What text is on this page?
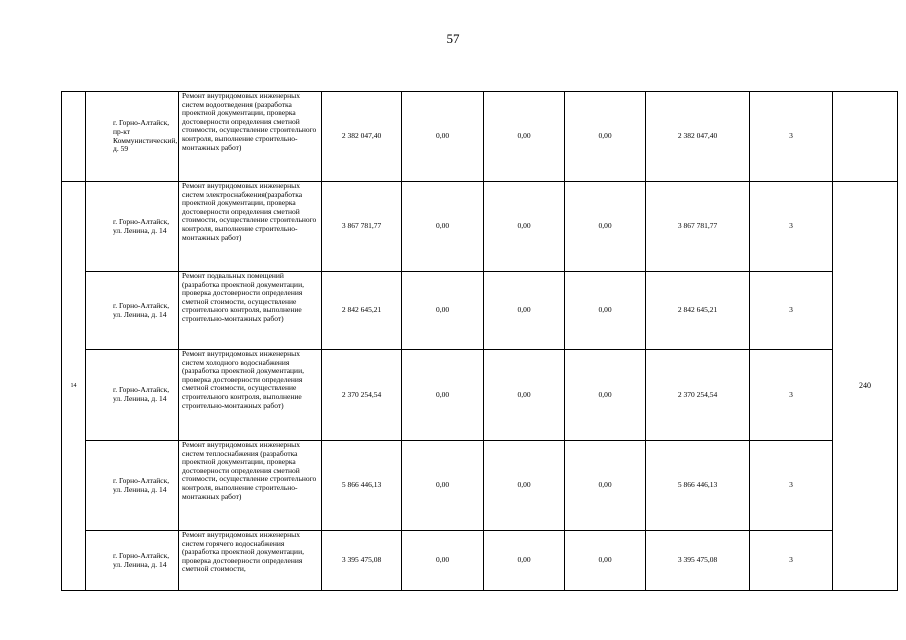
57
	г. Горно-Алтайск, пр-кт Коммунистический, д. 59	Ремонт внутридомовых инженерных систем водоотведения (разработка проектной документации, проверка достоверности определения сметной стоимости, осуществление строительного контроля, выполнение строительно-монтажных работ)	2 382 047,40	0,00	0,00	0,00	2 382 047,40	3	
14	г. Горно-Алтайск, ул. Ленина, д. 14	Ремонт внутридомовых инженерных систем электроснабжения(разработка проектной документации, проверка достоверности определения сметной стоимости, осуществление строительного контроля, выполнение строительно-монтажных работ)	3 867 781,77	0,00	0,00	0,00	3 867 781,77	3	240
	г. Горно-Алтайск, ул. Ленина, д. 14	Ремонт подвальных помещений (разработка проектной документации, проверка достоверности определения сметной стоимости, осуществление строительного контроля, выполнение строительно-монтажных работ)	2 842 645,21	0,00	0,00	0,00	2 842 645,21	3	
	г. Горно-Алтайск, ул. Ленина, д. 14	Ремонт внутридомовых инженерных систем холодного водоснабжения (разработка проектной документации, проверка достоверности определения сметной стоимости, осуществление строительного контроля, выполнение строительно-монтажных работ)	2 370 254,54	0,00	0,00	0,00	2 370 254,54	3	
	г. Горно-Алтайск, ул. Ленина, д. 14	Ремонт внутридомовых инженерных систем теплоснабжения (разработка проектной документации, проверка достоверности определения сметной стоимости, осуществление строительного контроля, выполнение строительно-монтажных работ)	5 866 446,13	0,00	0,00	0,00	5 866 446,13	3	
	г. Горно-Алтайск, ул. Ленина, д. 14	Ремонт внутридомовых инженерных систем горячего водоснабжения (разработка проектной документации, проверка достоверности определения сметной стоимости,	3 395 475,08	0,00	0,00	0,00	3 395 475,08	3	
